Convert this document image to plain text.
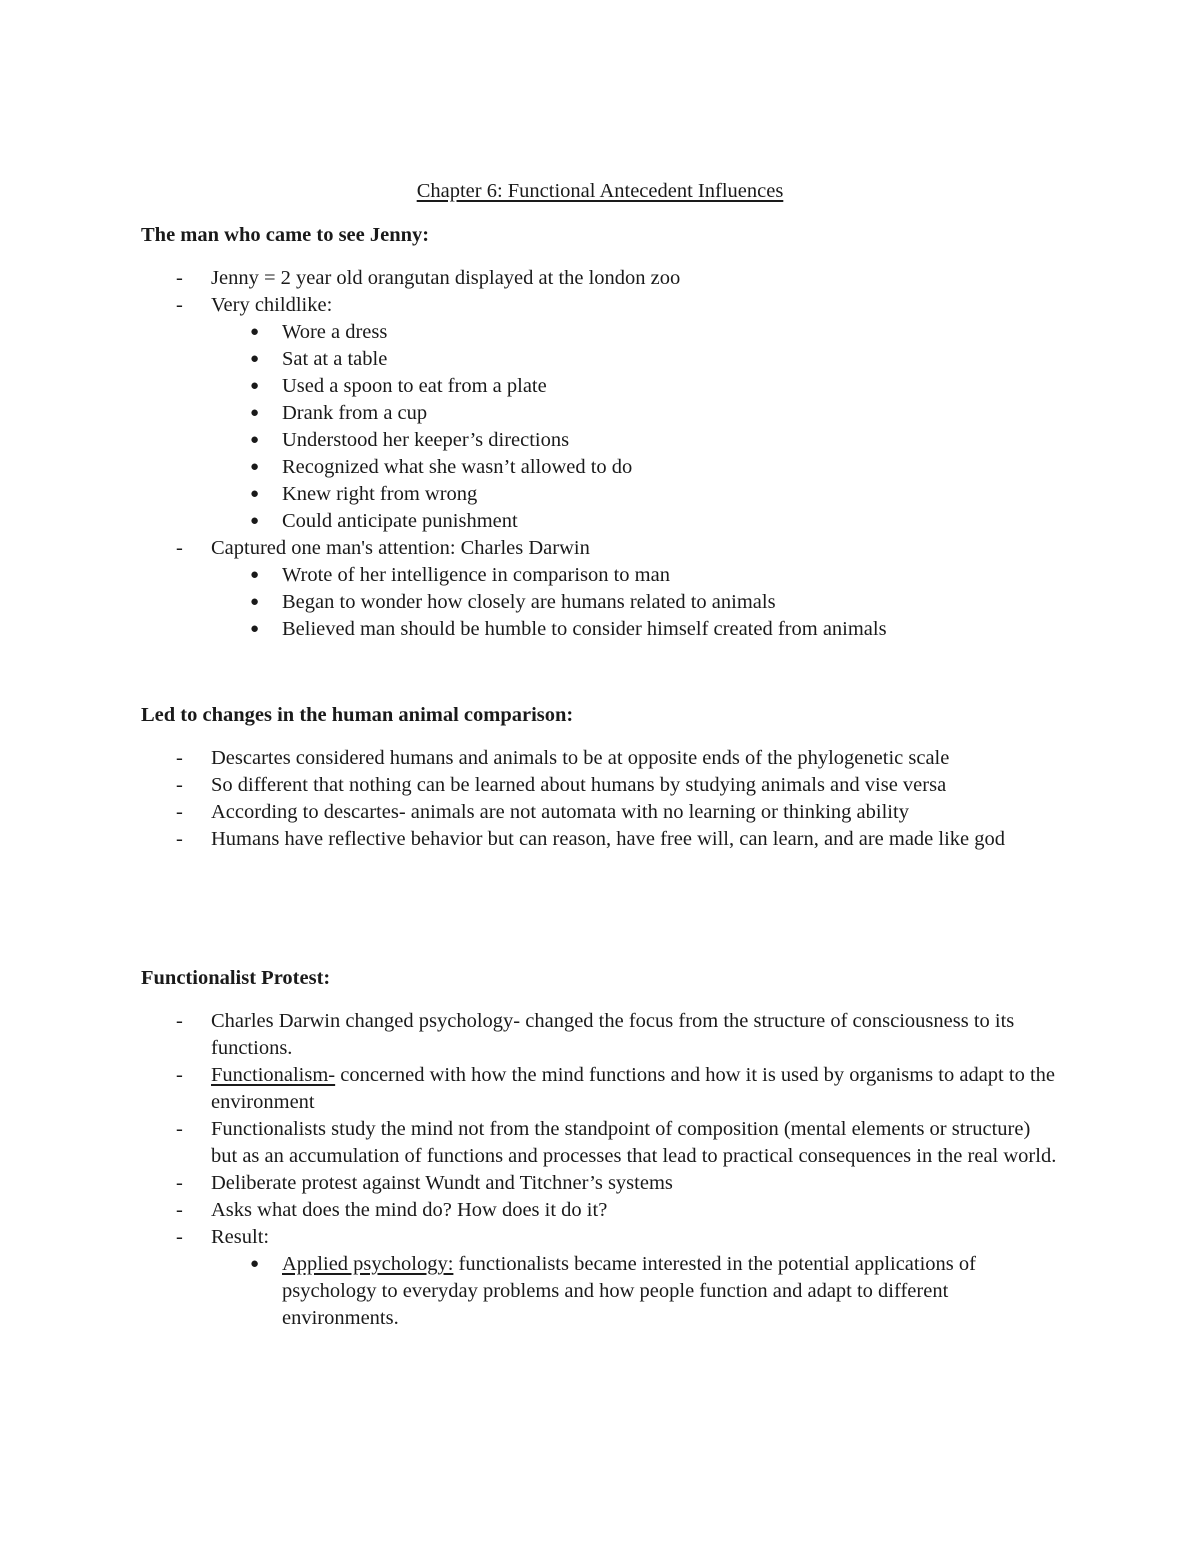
Chapter 6: Functional Antecedent Influences
The man who came to see Jenny:
- Jenny = 2 year old orangutan displayed at the london zoo
- Very childlike:
● Wore a dress
● Sat at a table
● Used a spoon to eat from a plate
● Drank from a cup
● Understood her keeper’s directions
● Recognized what she wasn’t allowed to do
● Knew right from wrong
● Could anticipate punishment
- Captured one man's attention: Charles Darwin
● Wrote of her intelligence in comparison to man
● Began to wonder how closely are humans related to animals
● Believed man should be humble to consider himself created from animals
Led to changes in the human animal comparison:
- Descartes considered humans and animals to be at opposite ends of the phylogenetic scale
- So different that nothing can be learned about humans by studying animals and vise versa
- According to descartes- animals are not automata with no learning or thinking ability
- Humans have reflective behavior but can reason, have free will, can learn, and are made like god
Functionalist Protest:
- Charles Darwin changed psychology- changed the focus from the structure of consciousness to its functions.
- Functionalism- concerned with how the mind functions and how it is used by organisms to adapt to the environment
- Functionalists study the mind not from the standpoint of composition (mental elements or structure) but as an accumulation of functions and processes that lead to practical consequences in the real world.
- Deliberate protest against Wundt and Titchner’s systems
- Asks what does the mind do? How does it do it?
- Result:
● Applied psychology: functionalists became interested in the potential applications of psychology to everyday problems and how people function and adapt to different environments.
